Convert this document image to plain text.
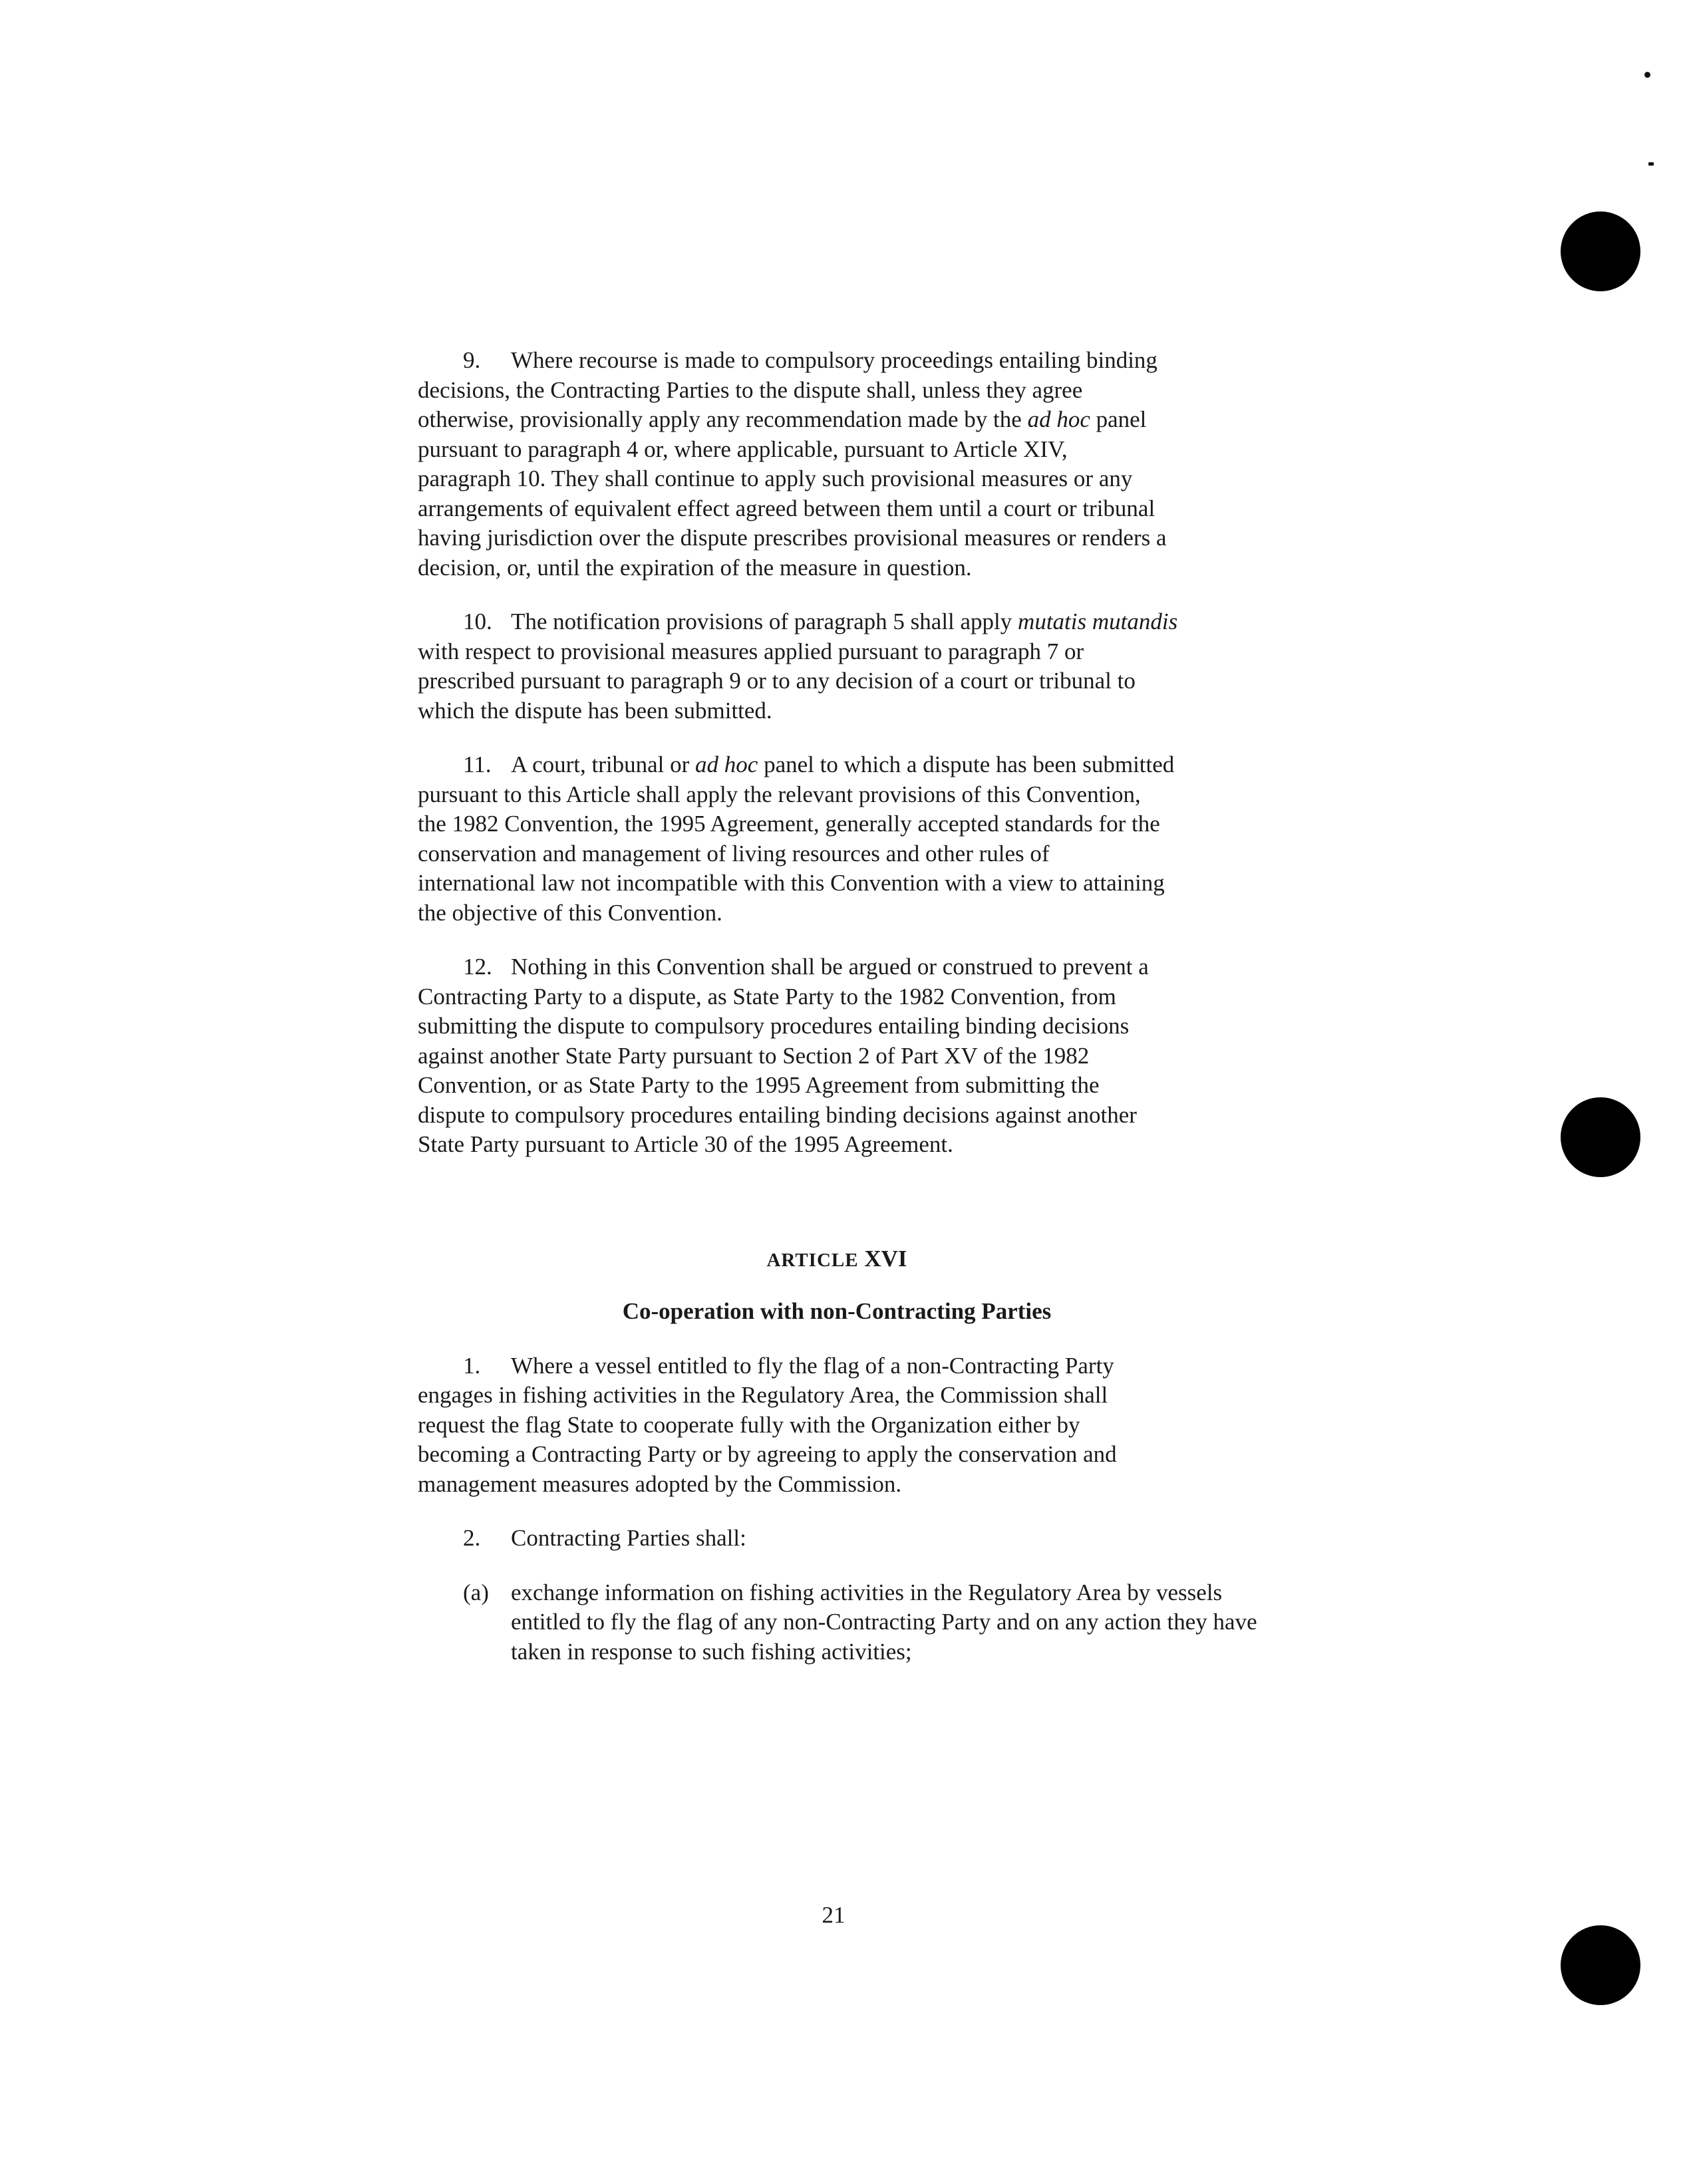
9. Where recourse is made to compulsory proceedings entailing binding
decisions, the Contracting Parties to the dispute shall, unless they agree
otherwise, provisionally apply any recommendation made by the ad hoc panel
pursuant to paragraph 4 or, where applicable, pursuant to Article XIV,
paragraph 10. They shall continue to apply such provisional measures or any
arrangements of equivalent effect agreed between them until a court or tribunal
having jurisdiction over the dispute prescribes provisional measures or renders a
decision, or, until the expiration of the measure in question.
10. The notification provisions of paragraph 5 shall apply mutatis mutandis
with respect to provisional measures applied pursuant to paragraph 7 or
prescribed pursuant to paragraph 9 or to any decision of a court or tribunal to
which the dispute has been submitted.
11. A court, tribunal or ad hoc panel to which a dispute has been submitted
pursuant to this Article shall apply the relevant provisions of this Convention,
the 1982 Convention, the 1995 Agreement, generally accepted standards for the
conservation and management of living resources and other rules of
international law not incompatible with this Convention with a view to attaining
the objective of this Convention.
12. Nothing in this Convention shall be argued or construed to prevent a
Contracting Party to a dispute, as State Party to the 1982 Convention, from
submitting the dispute to compulsory procedures entailing binding decisions
against another State Party pursuant to Section 2 of Part XV of the 1982
Convention, or as State Party to the 1995 Agreement from submitting the
dispute to compulsory procedures entailing binding decisions against another
State Party pursuant to Article 30 of the 1995 Agreement.
ARTICLE XVI
Co-operation with non-Contracting Parties
1. Where a vessel entitled to fly the flag of a non-Contracting Party
engages in fishing activities in the Regulatory Area, the Commission shall
request the flag State to cooperate fully with the Organization either by
becoming a Contracting Party or by agreeing to apply the conservation and
management measures adopted by the Commission.
2.	Contracting Parties shall:
(a) exchange information on fishing activities in the Regulatory Area by vessels
entitled to fly the flag of any non-Contracting Party and on any action they have
taken in response to such fishing activities;
21
